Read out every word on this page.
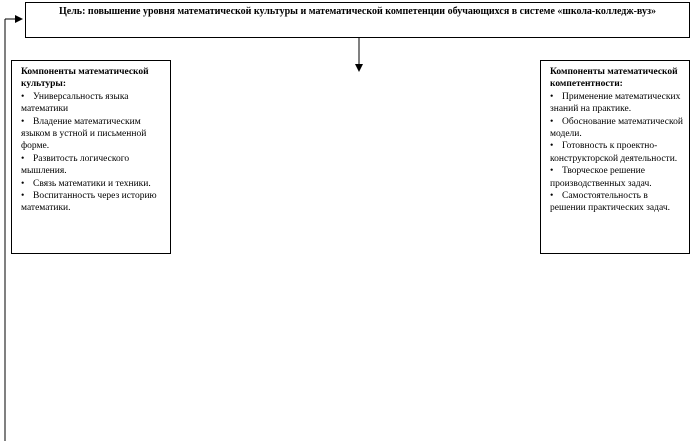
Цель: повышение уровня математической культуры и математической компетенции обучающихся в системе «школа-колледж-вуз»
Компоненты математической культуры:
• Универсальность языка математики
• Владение математическим языком в устной и письменной форме.
• Развитость логического мышления.
• Связь математики и техники.
• Воспитанность через историю математики.
Компоненты математической компетентности:
• Применение математических знаний на практике.
• Обоснование математической модели.
• Готовность к проектно-конструкторской деятельности.
• Творческое решение производственных задач.
• Самостоятельность в решении практических задач.
